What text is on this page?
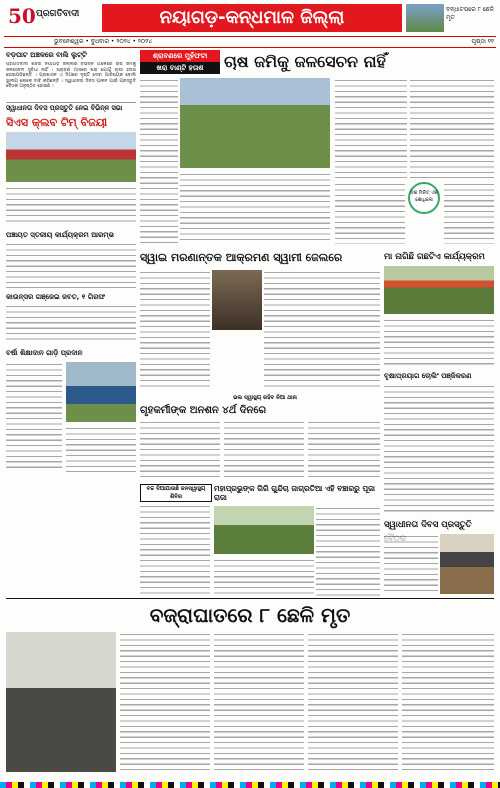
50 ପ୍ରଗତିବାଦୀ	ନୟାଗଡ଼-କନ୍ଧମାଳ ଜିଲ୍ଲା	ବନ୍ଧାଟପରେ ୮ ଛେଳି ମୃତ
ଭୁବନେଶ୍ୱର • ବୁଧବାର • ୨୦୨୪ • ୨୦୨୪	ପୃଷ୍ଠା ୧୧
ଶ୍ରାବଣରେ ମୁହଁଫଟା
ଖରା ବାଣ୍ଟି ହତାଶ	ଚାଷ ଜମିକୁ ଜଳସେଚନ ନାହିଁ
ଦଶ ମିନିଟ୍ ଏନ୍ ଶୋଧିଲେ
ବଡ଼ପାଟ ଅଞ୍ଚଳରେ ବାଲି ଲୁଟ୍ଟି
ପ୍ରଗତିବାଦୀ ଖବର ନୟାଗଡ଼ ଜିଲ୍ଲାର ବିଭିନ୍ନ ଅଞ୍ଚଳରେ ଚାଷ ଜମିକୁ ଜଳସେଚନ ସୁବିଧା ନାହିଁ । ଶ୍ରାବଣ ମାସରେ ଖରା ଯୋଗୁଁ ଚାଷୀ ହତାଶ ହୋଇପଡ଼ିଛନ୍ତି । ପ୍ରଶାସନ ଏ ଦିଗରେ ଦୃଷ୍ଟି ଦେବା ଆବଶ୍ୟକ ବୋଲି ସ୍ଥାନୀୟ ଲୋକେ ଦାବି କରିଛନ୍ତି । ସ୍ୱାଧୀନତା ଦିବସ ପାଳନ ପାଇଁ ପ୍ରସ୍ତୁତି ବୈଠକ ଅନୁଷ୍ଠିତ ହୋଇଛି ।
ସ୍ୱାଧୀନତା ଦିବସ ପ୍ରସ୍ତୁତି ନେଇ ବିଭିନ୍ନ ସଭା
ସିଏସ କ୍ଲବ ଟିମ୍ ବିଜୟୀ
ପଞ୍ଚାୟତ ସ୍ତରୀୟ କାର୍ଯ୍ୟକ୍ରମ ଆରମ୍ଭ
କାଉନ୍ସର ଗଞ୍ଜେଇ ଜବତ, ୧ ଗିରଫ
ବର୍ଷା ଶିକ୍ଷାଦାନ ଗାଡ଼ି ପ୍ରଦାନ
ସ୍ୱାଇ ମରଣାନ୍ତକ ଆକ୍ରମଣ ସ୍ୱାମୀ ଜେଲରେ
ଭଲ ସ୍ୱାସ୍ଥ୍ୟ ରହିବ ନିଆ ଥାନା
ଗୃହକର୍ମୀଙ୍କ ଅନଶନ ୪ର୍ଥ ଦିନରେ
ବଚ୍ଚ ଦିଆଯାଉଛି ଜନସ୍ୱାସ୍ଥ୍ୟ ଶିବିର
ମହାପ୍ରଭୁଙ୍କ ଗିରି ଗୁନ୍ଦିଚା ଜାଗ୍ରତିଆ ଏହି ବଞ୍ଚାରରୁ ପୂଜା ରାଜା
ମା ନାଗିଛି ଗଛଟିଏ କାର୍ଯ୍ୟକ୍ରମ
ବୃକ୍ଷାପ୍ରୟାଗ ଚୋଲିଂ ପଞ୍ଜିକରଣ
ସ୍ୱାଧୀନତା ଦିବସ ପ୍ରସ୍ତୁତି
ବଜ୍ରାଘାତରେ ୮ ଛେଳି ମୃତ
